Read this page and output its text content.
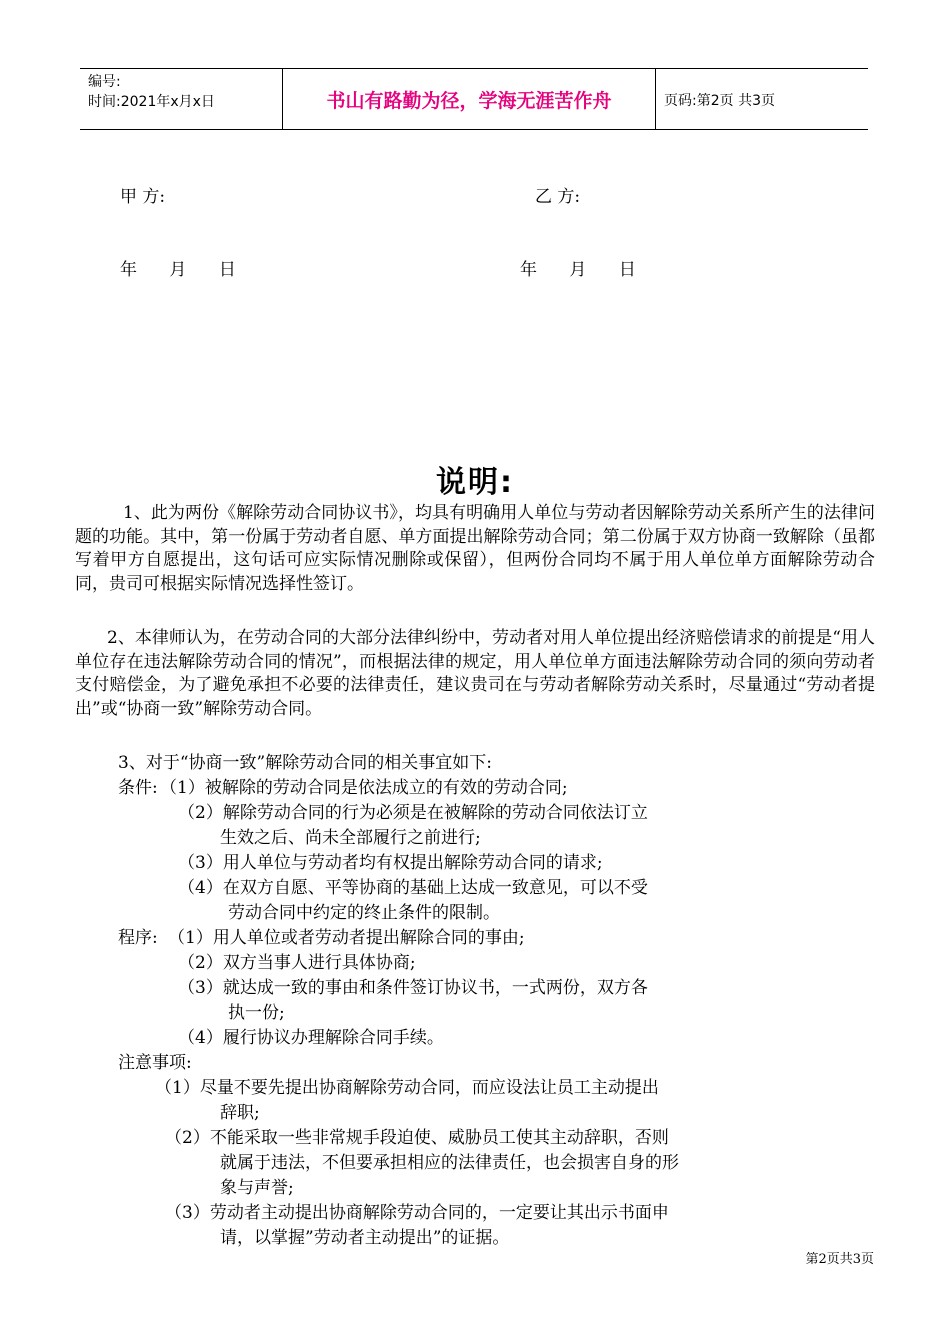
编号:
时间:2021年x月x日	书山有路勤为径，学海无涯苦作舟	页码:第2页 共3页
甲 方:	乙 方:
年      月      日	年      月      日
说明:
1、此为两份《解除劳动合同协议书》，均具有明确用人单位与劳动者因解除劳动关系所产生的法律问题的功能。其中，第一份属于劳动者自愿、单方面提出解除劳动合同；第二份属于双方协商一致解除（虽都写着甲方自愿提出，这句话可应实际情况删除或保留），但两份合同均不属于用人单位单方面解除劳动合同，贵司可根据实际情况选择性签订。
2、本律师认为，在劳动合同的大部分法律纠纷中，劳动者对用人单位提出经济赔偿请求的前提是“用人单位存在违法解除劳动合同的情况”，而根据法律的规定，用人单位单方面违法解除劳动合同的须向劳动者支付赔偿金，为了避免承担不必要的法律责任，建议贵司在与劳动者解除劳动关系时，尽量通过“劳动者提出”或“协商一致”解除劳动合同。
3、对于“协商一致”解除劳动合同的相关事宜如下:
条件: （1）被解除的劳动合同是依法成立的有效的劳动合同;
（2）解除劳动合同的行为必须是在被解除的劳动合同依法订立
生效之后、尚未全部履行之前进行;
（3）用人单位与劳动者均有权提出解除劳动合同的请求;
（4）在双方自愿、平等协商的基础上达成一致意见，可以不受
劳动合同中约定的终止条件的限制。
程序: （1）用人单位或者劳动者提出解除合同的事由;
（2）双方当事人进行具体协商;
（3）就达成一致的事由和条件签订协议书，一式两份，双方各
执一份;
（4）履行协议办理解除合同手续。
注意事项:
（1）尽量不要先提出协商解除劳动合同，而应设法让员工主动提出
辞职;
（2）不能采取一些非常规手段迫使、威胁员工使其主动辞职，否则
就属于违法，不但要承担相应的法律责任，也会损害自身的形
象与声誉;
（3）劳动者主动提出协商解除劳动合同的，一定要让其出示书面申
请，以掌握”劳动者主动提出”的证据。
第2页共3页
